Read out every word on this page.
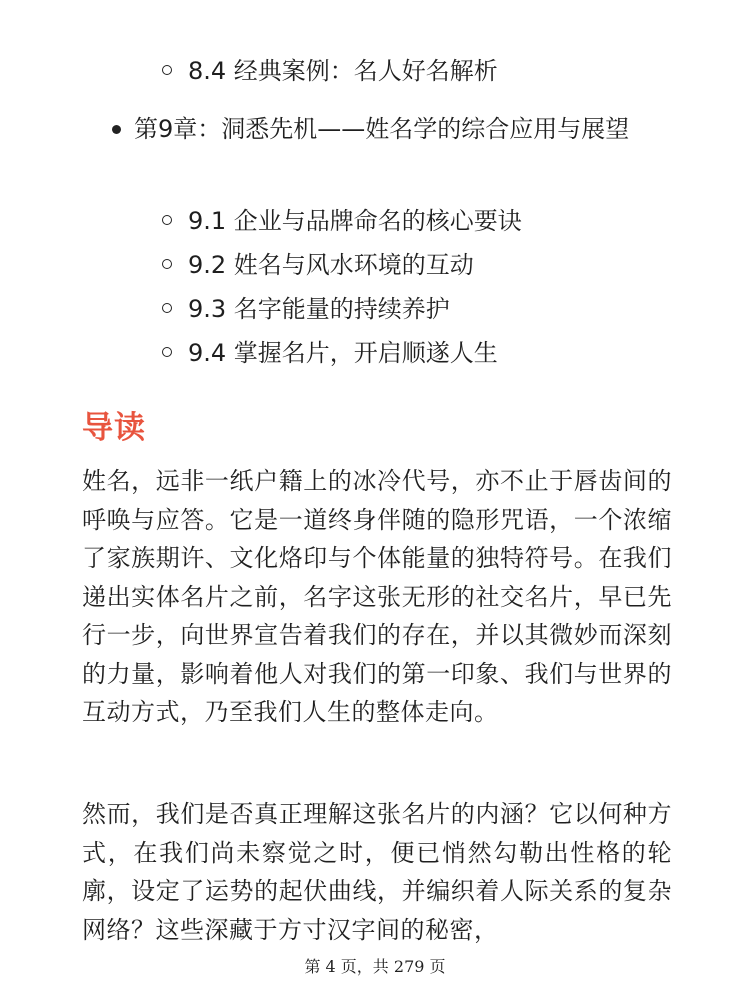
8.4 经典案例：名人好名解析
第9章：洞悉先机——姓名学的综合应用与展望
9.1 企业与品牌命名的核心要诀
9.2 姓名与风水环境的互动
9.3 名字能量的持续养护
9.4 掌握名片，开启顺遂人生
导读

姓名，远非一纸户籍上的冰冷代号，亦不止于唇齿间的呼唤与应答。它是一道终身伴随的隐形咒语，一个浓缩了家族期许、文化烙印与个体能量的独特符号。在我们递出实体名片之前，名字这张无形的社交名片，早已先行一步，向世界宣告着我们的存在，并以其微妙而深刻的力量，影响着他人对我们的第一印象、我们与世界的互动方式，乃至我们人生的整体走向。

然而，我们是否真正理解这张名片的内涵？它以何种方式，在我们尚未察觉之时，便已悄然勾勒出性格的轮廓，设定了运势的起伏曲线，并编织着人际关系的复杂网络？这些深藏于方寸汉字间的秘密，

第 4 页，共 279 页
